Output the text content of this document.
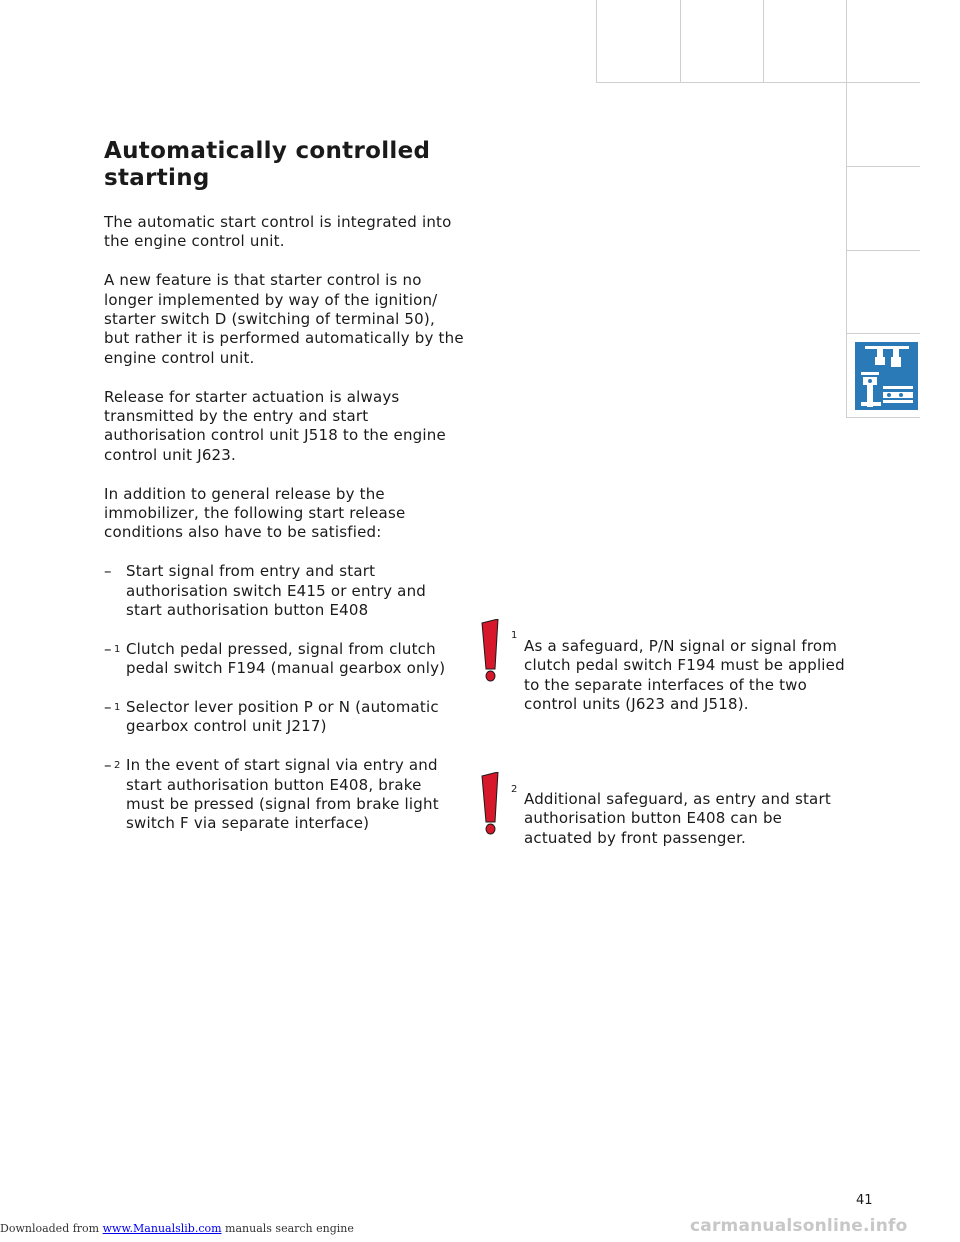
Automatically controlled starting

The automatic start control is integrated into the engine control unit.

A new feature is that starter control is no longer implemented by way of the ignition/ starter switch D (switching of terminal 50), but rather it is performed automatically by the engine control unit.

Release for starter actuation is always transmitted by the entry and start authorisation control unit J518 to the engine control unit J623.

In addition to general release by the immobilizer, the following start release conditions also have to be satisfied:

– Start signal from entry and start authorisation switch E415 or entry and start authorisation button E408
– 1 Clutch pedal pressed, signal from clutch pedal switch F194 (manual gearbox only)
– 1 Selector lever position P or N (automatic gearbox control unit J217)
– 2 In the event of start signal via entry and start authorisation button E408, brake must be pressed (signal from brake light switch F via separate interface)
1
As a safeguard, P/N signal or signal from clutch pedal switch F194 must be applied to the separate interfaces of the two control units (J623 and J518).
2
Additional safeguard, as entry and start authorisation button E408 can be actuated by front passenger.
41
Downloaded from www.Manualslib.com manuals search engine	carmanualsonline.info
